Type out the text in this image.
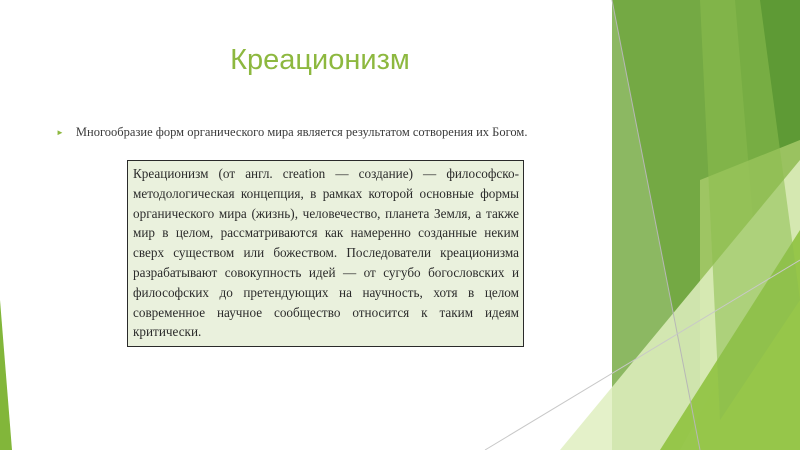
Креационизм
► Многообразие форм органического мира является результатом сотворения их Богом.
Креационизм (от англ. creation — создание) — философско-методологическая концепция, в рамках которой основные формы органического мира (жизнь), человечество, планета Земля, а также мир в целом, рассматриваются как намеренно созданные неким сверх существом или божеством. Последователи креационизма разрабатывают совокупность идей — от сугубо богословских и философских до претендующих на научность, хотя в целом современное научное сообщество относится к таким идеям критически.
